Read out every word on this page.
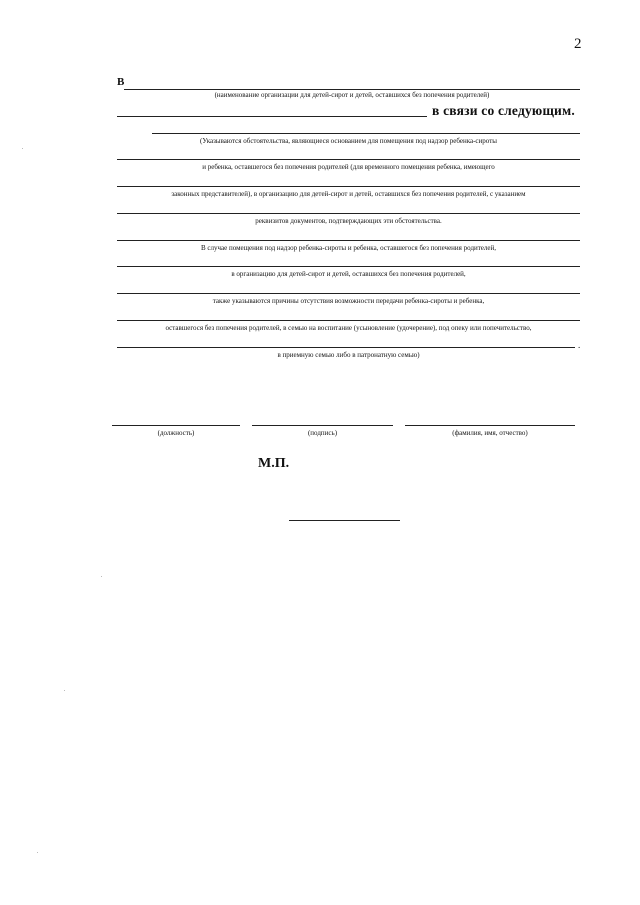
2
В
(наименование организации для детей-сирот и детей, оставшихся без попечения родителей)
в связи со следующим.
(Указываются обстоятельства, являющиеся основанием для помещения под надзор ребенка-сироты
и ребенка, оставшегося без попечения родителей (для временного помещения ребенка, имеющего
законных представителей), в организацию для детей-сирот и детей, оставшихся без попечения родителей, с указанием
реквизитов документов, подтверждающих эти обстоятельства.
В случае помещения под надзор ребенка-сироты и ребенка, оставшегося без попечения родителей,
в организацию для детей-сирот и детей, оставшихся без попечения родителей,
также указываются причины отсутствия возможности передачи ребенка-сироты и ребенка,
оставшегося без попечения родителей, в семью на воспитание (усыновление (удочерение), под опеку или попечительство,
.
в приемную семью либо в патронатную семью)
(должность)	(подпись)	(фамилия, имя, отчество)
М.П.
